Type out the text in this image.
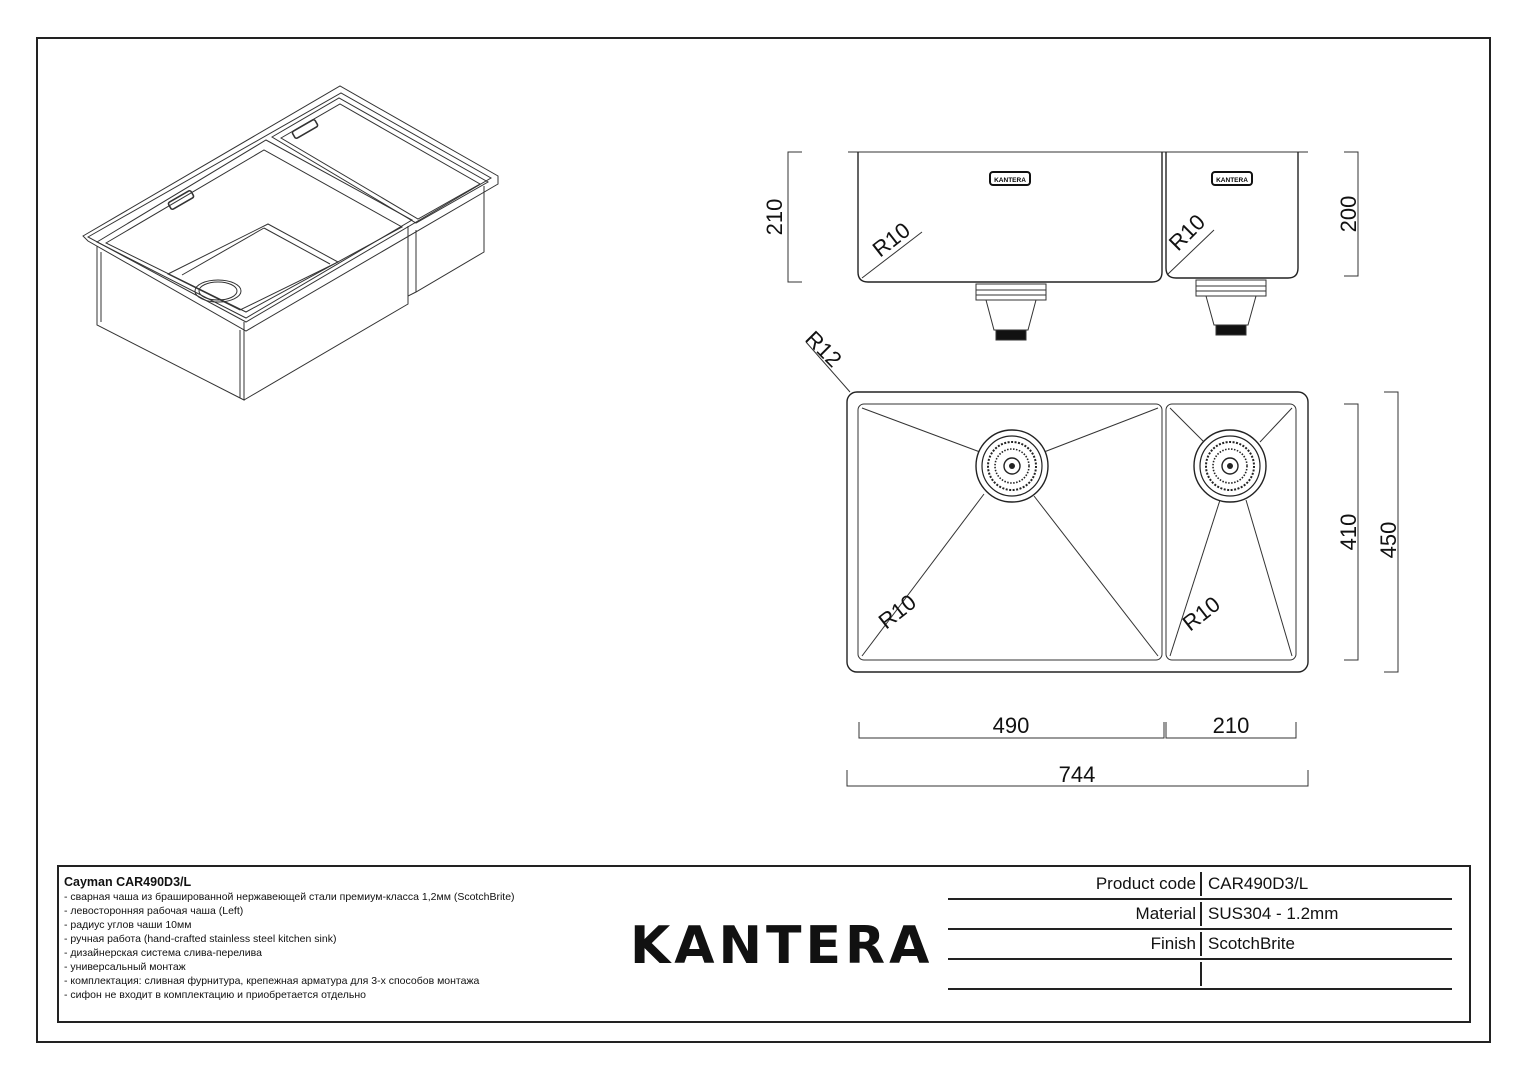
KANTERA	KANTERA
R10	R10
210	200
R12
R10	R10
410 450
490	210
744
Cayman CAR490D3/L
- сварная чаша из брашированной нержавеющей стали премиум-класса 1,2мм (ScotchBrite)
- левосторонняя рабочая чаша (Left)
- радиус углов чаши 10мм
- ручная работа (hand-crafted stainless steel kitchen sink)
- дизайнерская система слива-перелива
- универсальный монтаж
- комплектация: сливная фурнитура, крепежная арматура для 3-х способов монтажа
- сифон не входит в комплектацию и приобретается отдельно
KANTERA
Product code CAR490D3/L
Material SUS304 - 1.2mm
Finish ScotchBrite
